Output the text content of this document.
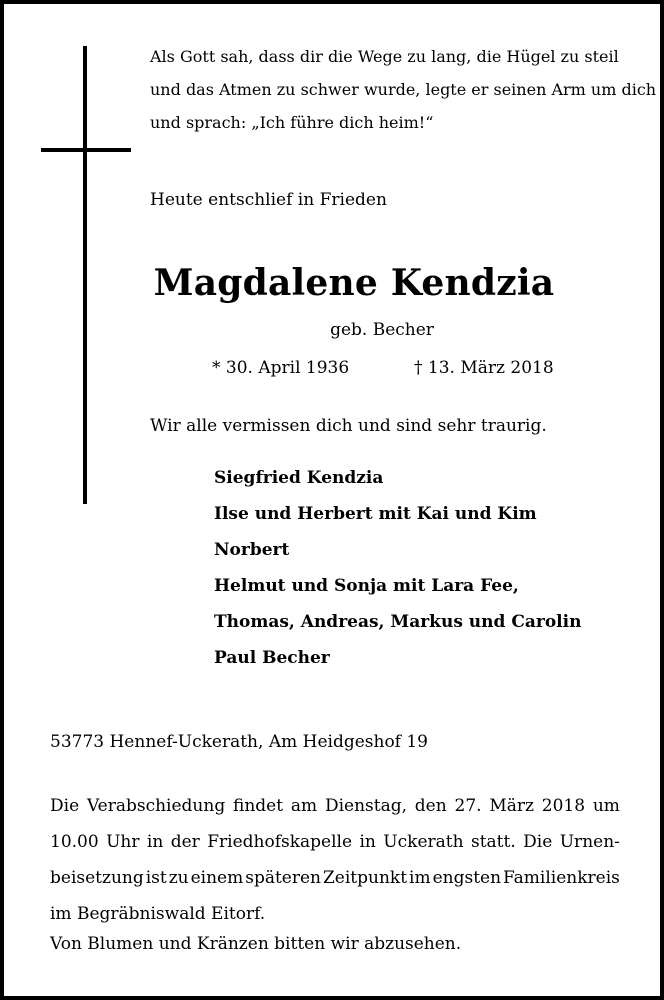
Als Gott sah, dass dir die Wege zu lang, die Hügel zu steil
und das Atmen zu schwer wurde, legte er seinen Arm um dich
und sprach: „Ich führe dich heim!“
Heute entschlief in Frieden
Magdalene Kendzia
geb. Becher
* 30. April 1936	† 13. März 2018
Wir alle vermissen dich und sind sehr traurig.
Siegfried Kendzia
Ilse und Herbert mit Kai und Kim
Norbert
Helmut und Sonja mit Lara Fee,
Thomas, Andreas, Markus und Carolin
Paul Becher
53773 Hennef-Uckerath, Am Heidgeshof 19
Die Verabschiedung findet am Dienstag, den 27. März 2018 um
10.00 Uhr in der Friedhofskapelle in Uckerath statt. Die Urnen-
beisetzung ist zu einem späteren Zeitpunkt im engsten Familienkreis
im Begräbniswald Eitorf.
Von Blumen und Kränzen bitten wir abzusehen.
